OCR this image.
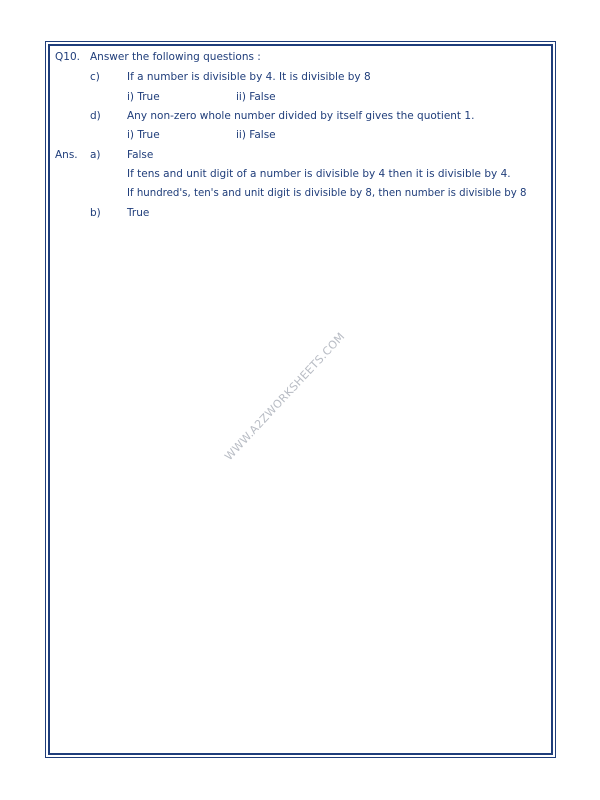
Q10. Answer the following questions :
c)	If a number is divisible by 4. It is divisible by 8
i) True	ii) False
d) Any non-zero whole number divided by itself gives the quotient 1.
i) True	ii) False
Ans. a)	False
If tens and unit digit of a number is divisible by 4 then it is divisible by 4.
If hundred's, ten's and unit digit is divisible by 8, then number is divisible by 8
b) True
WWW.A2ZWORKSHEETS.COM
